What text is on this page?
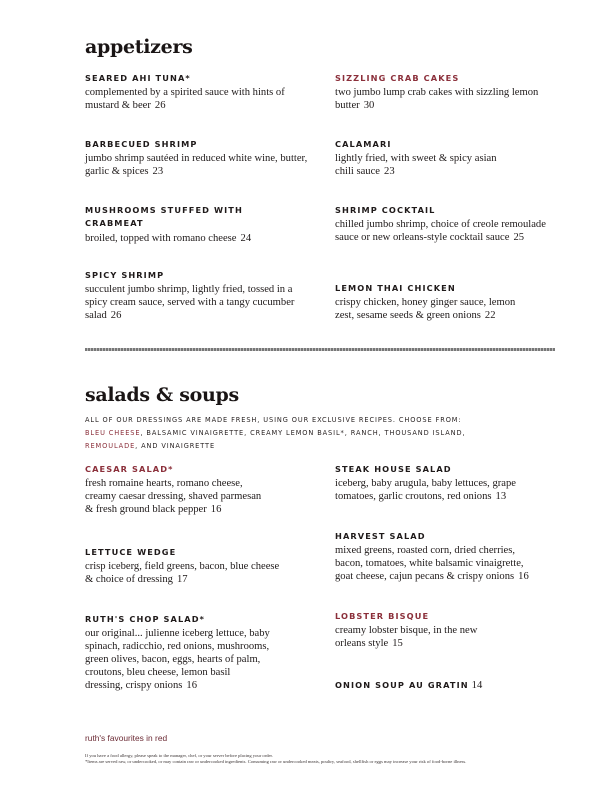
appetizers
SEARED AHI TUNA*
complemented by a spirited sauce with hints of mustard & beer 26
SIZZLING CRAB CAKES
two jumbo lump crab cakes with sizzling lemon butter 30
BARBECUED SHRIMP
jumbo shrimp sautéed in reduced white wine, butter, garlic & spices 23
CALAMARI
lightly fried, with sweet & spicy asian chili sauce 23
MUSHROOMS STUFFED WITH CRABMEAT
broiled, topped with romano cheese 24
SHRIMP COCKTAIL
chilled jumbo shrimp, choice of creole remoulade sauce or new orleans-style cocktail sauce 25
SPICY SHRIMP
succulent jumbo shrimp, lightly fried, tossed in a spicy cream sauce, served with a tangy cucumber salad 26
LEMON THAI CHICKEN
crispy chicken, honey ginger sauce, lemon zest, sesame seeds & green onions 22
salads & soups
ALL OF OUR DRESSINGS ARE MADE FRESH, USING OUR EXCLUSIVE RECIPES. CHOOSE FROM:
BLEU CHEESE, BALSAMIC VINAIGRETTE, CREAMY LEMON BASIL*, RANCH, THOUSAND ISLAND,
REMOULADE, AND VINAIGRETTE
CAESAR SALAD*
fresh romaine hearts, romano cheese, creamy caesar dressing, shaved parmesan & fresh ground black pepper 16
STEAK HOUSE SALAD
iceberg, baby arugula, baby lettuces, grape tomatoes, garlic croutons, red onions 13
LETTUCE WEDGE
crisp iceberg, field greens, bacon, blue cheese & choice of dressing 17
HARVEST SALAD
mixed greens, roasted corn, dried cherries, bacon, tomatoes, white balsamic vinaigrette, goat cheese, cajun pecans & crispy onions 16
RUTH'S CHOP SALAD*
our original... julienne iceberg lettuce, baby spinach, radicchio, red onions, mushrooms, green olives, bacon, eggs, hearts of palm, croutons, bleu cheese, lemon basil dressing, crispy onions 16
LOBSTER BISQUE
creamy lobster bisque, in the new orleans style 15
ONION SOUP AU GRATIN 14
ruth's favourites in red
If you have a food allergy, please speak to the manager, chef, or your server before placing your order.
*Items are served raw, or undercooked, or may contain raw or undercooked ingredients. Consuming raw or undercooked meats, poultry, seafood, shellfish or eggs may increase your risk of food-borne illness.
